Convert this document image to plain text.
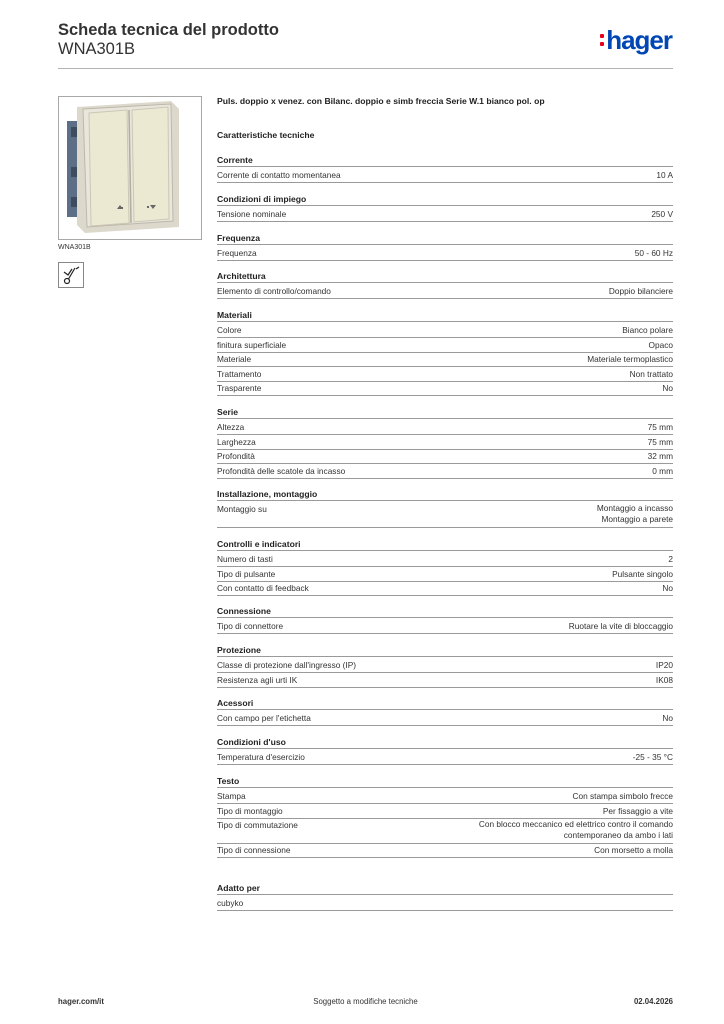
Scheda tecnica del prodotto
WNA301B	hager
WNA301B
Puls. doppio x venez. con Bilanc. doppio e simb freccia Serie W.1 bianco pol. op
Caratteristiche tecniche
Corrente
Corrente di contatto momentanea	10 A
Condizioni di impiego
Tensione nominale	250 V
Frequenza
Frequenza	50 - 60 Hz
Architettura
Elemento di controllo/comando	Doppio bilanciere
Materiali
Colore	Bianco polare
finitura superficiale	Opaco
Materiale	Materiale termoplastico
Trattamento	Non trattato
Trasparente	No
Serie
Altezza	75 mm
Larghezza	75 mm
Profondità	32 mm
Profondità delle scatole da incasso	0 mm
Installazione, montaggio
Montaggio su	Montaggio a incasso
Montaggio a parete
Controlli e indicatori
Numero di tasti	2
Tipo di pulsante	Pulsante singolo
Con contatto di feedback	No
Connessione
Tipo di connettore	Ruotare la vite di bloccaggio
Protezione
Classe di protezione dall'ingresso (IP)	IP20
Resistenza agli urti IK	IK08
Acessori
Con campo per l'etichetta	No
Condizioni d'uso
Temperatura d'esercizio	-25 - 35 °C
Testo
Stampa	Con stampa simbolo frecce
Tipo di montaggio	Per fissaggio a vite
Tipo di commutazione	Con blocco meccanico ed elettrico contro il comando
contemporaneo da ambo i lati
Tipo di connessione	Con morsetto a molla
Adatto per
cubyko
hager.com/it	Soggetto a modifiche tecniche	02.04.2026
